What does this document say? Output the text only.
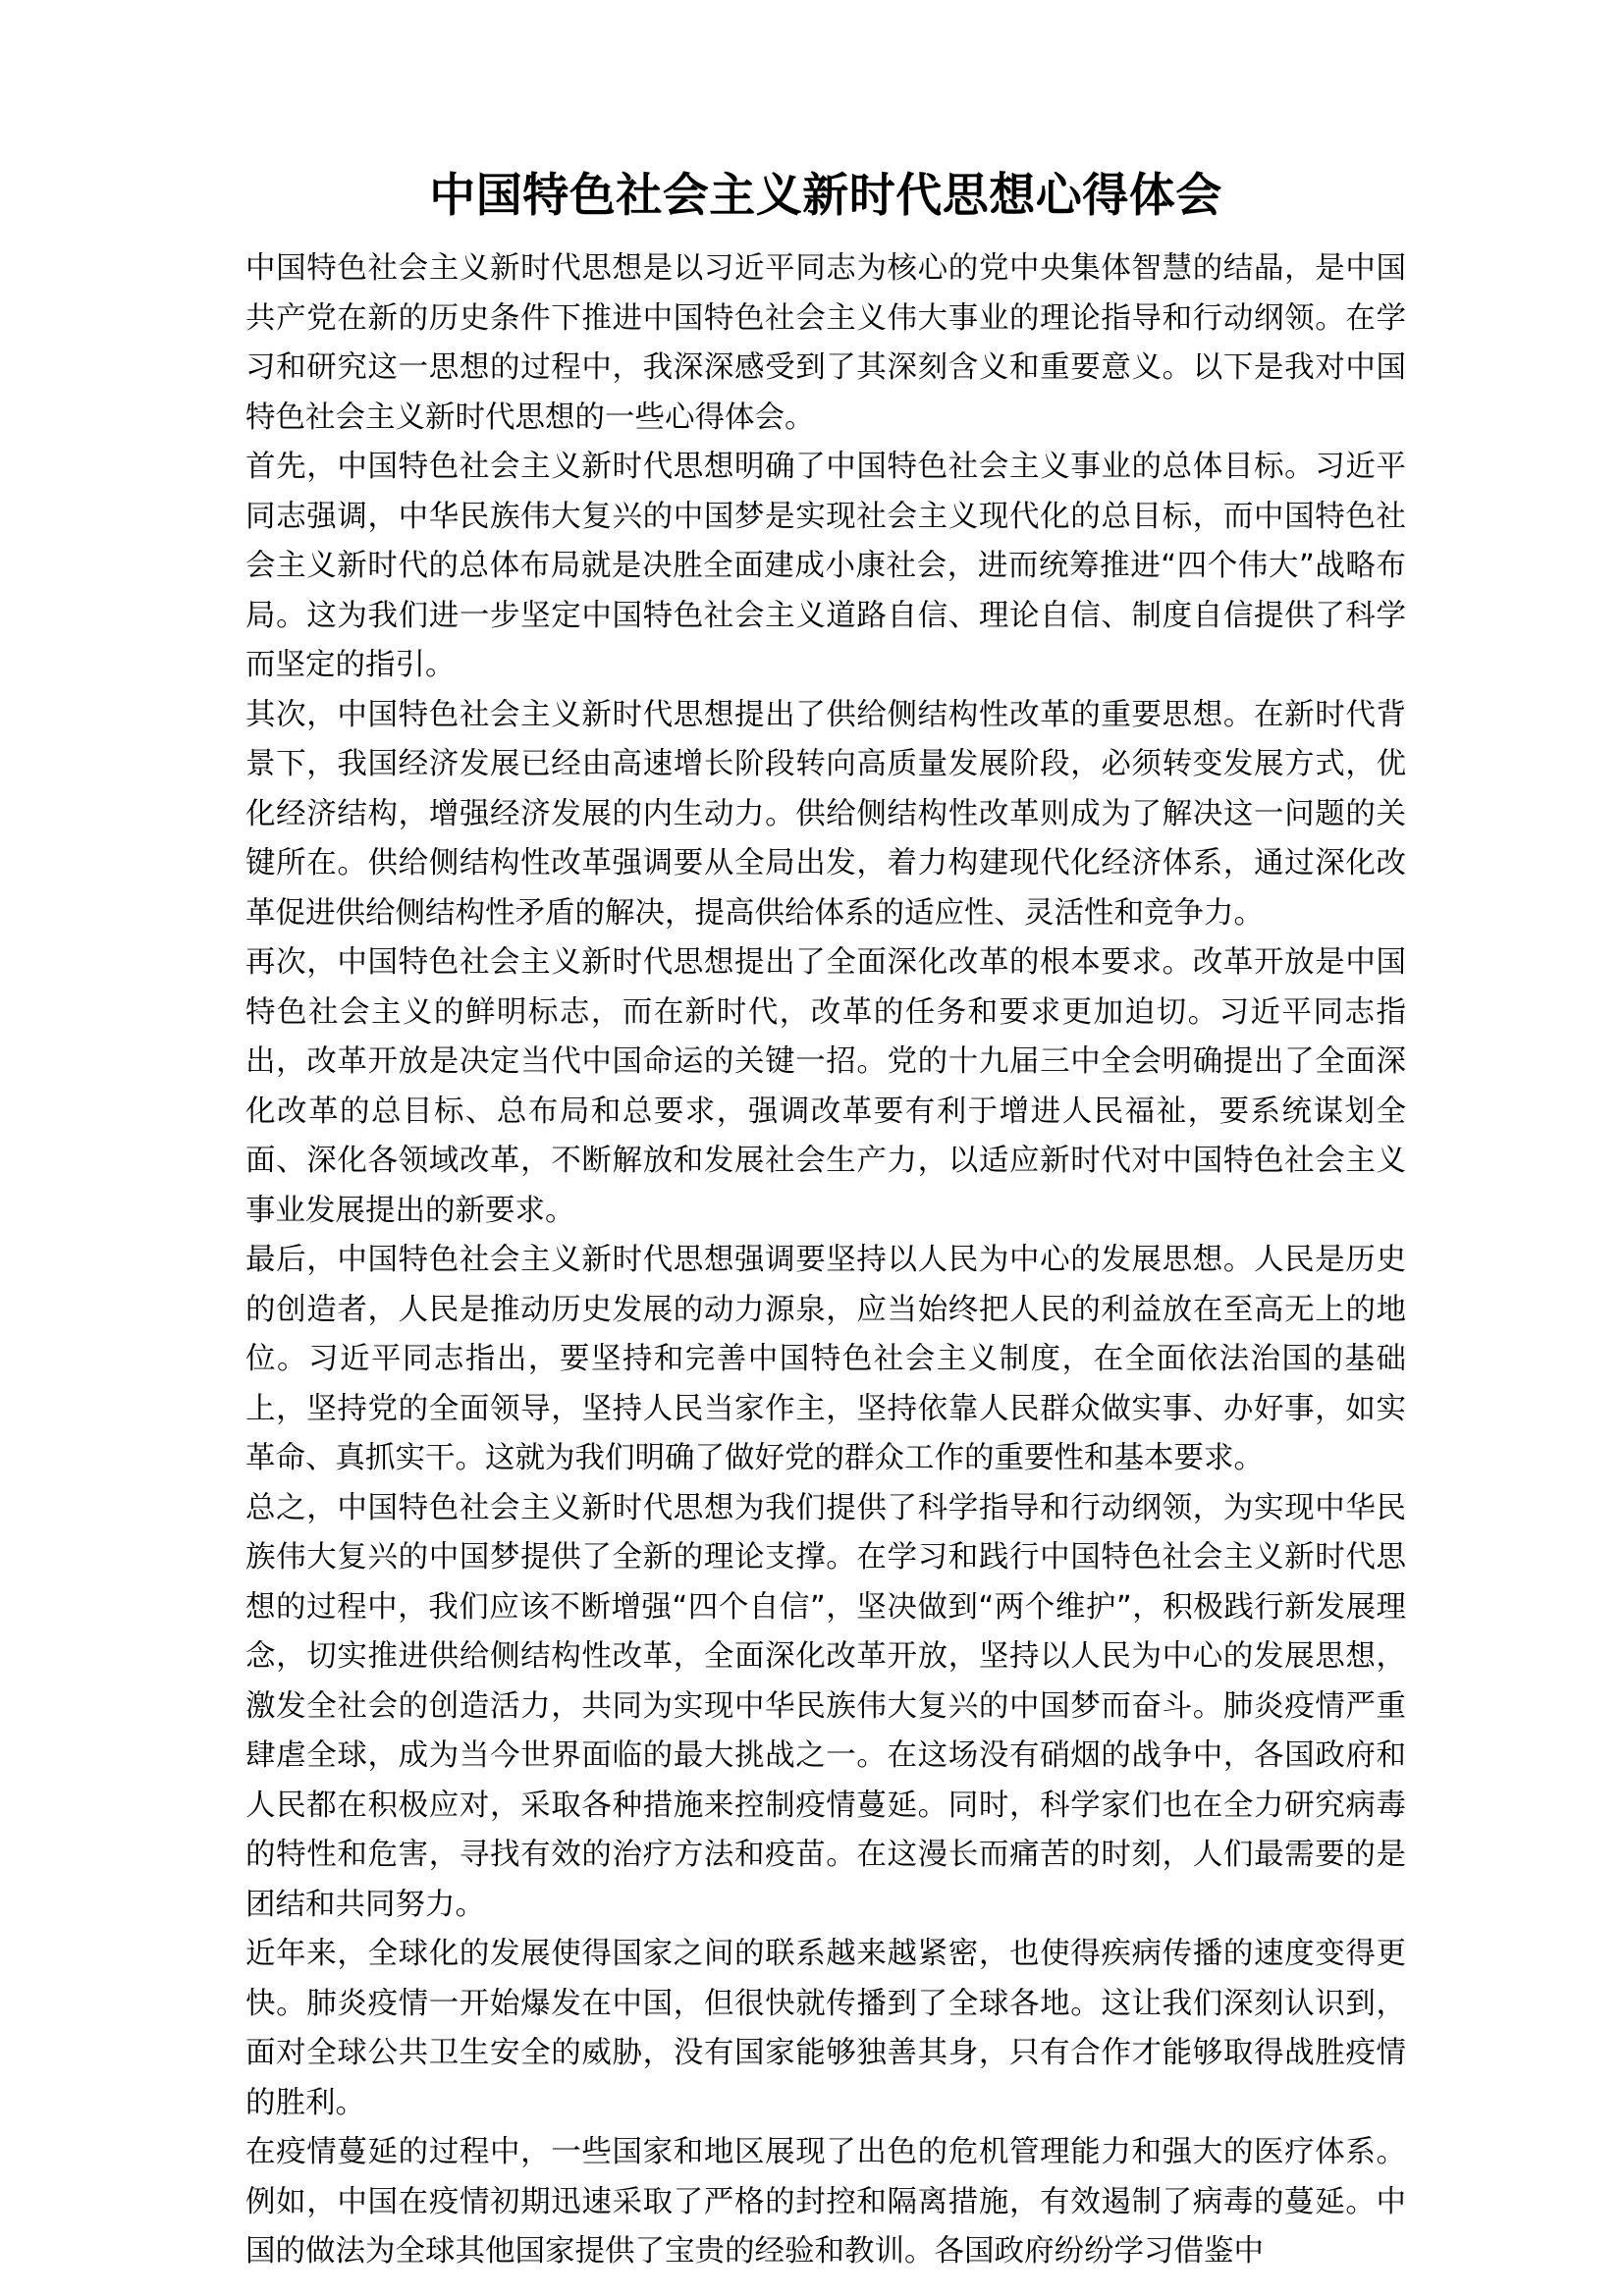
中国特色社会主义新时代思想心得体会

中国特色社会主义新时代思想是以习近平同志为核心的党中央集体智慧的结晶，是中国共产党在新的历史条件下推进中国特色社会主义伟大事业的理论指导和行动纲领。在学习和研究这一思想的过程中，我深深感受到了其深刻含义和重要意义。以下是我对中国特色社会主义新时代思想的一些心得体会。

首先，中国特色社会主义新时代思想明确了中国特色社会主义事业的总体目标。习近平同志强调，中华民族伟大复兴的中国梦是实现社会主义现代化的总目标，而中国特色社会主义新时代的总体布局就是决胜全面建成小康社会，进而统筹推进“四个伟大”战略布局。这为我们进一步坚定中国特色社会主义道路自信、理论自信、制度自信提供了科学而坚定的指引。

其次，中国特色社会主义新时代思想提出了供给侧结构性改革的重要思想。在新时代背景下，我国经济发展已经由高速增长阶段转向高质量发展阶段，必须转变发展方式，优化经济结构，增强经济发展的内生动力。供给侧结构性改革则成为了解决这一问题的关键所在。供给侧结构性改革强调要从全局出发，着力构建现代化经济体系，通过深化改革促进供给侧结构性矛盾的解决，提高供给体系的适应性、灵活性和竞争力。

再次，中国特色社会主义新时代思想提出了全面深化改革的根本要求。改革开放是中国特色社会主义的鲜明标志，而在新时代，改革的任务和要求更加迫切。习近平同志指出，改革开放是决定当代中国命运的关键一招。党的十九届三中全会明确提出了全面深化改革的总目标、总布局和总要求，强调改革要有利于增进人民福祉，要系统谋划全面、深化各领域改革，不断解放和发展社会生产力，以适应新时代对中国特色社会主义事业发展提出的新要求。

最后，中国特色社会主义新时代思想强调要坚持以人民为中心的发展思想。人民是历史的创造者，人民是推动历史发展的动力源泉，应当始终把人民的利益放在至高无上的地位。习近平同志指出，要坚持和完善中国特色社会主义制度，在全面依法治国的基础上，坚持党的全面领导，坚持人民当家作主，坚持依靠人民群众做实事、办好事，如实革命、真抓实干。这就为我们明确了做好党的群众工作的重要性和基本要求。

总之，中国特色社会主义新时代思想为我们提供了科学指导和行动纲领，为实现中华民族伟大复兴的中国梦提供了全新的理论支撑。在学习和践行中国特色社会主义新时代思想的过程中，我们应该不断增强“四个自信”，坚决做到“两个维护”，积极践行新发展理念，切实推进供给侧结构性改革，全面深化改革开放，坚持以人民为中心的发展思想，激发全社会的创造活力，共同为实现中华民族伟大复兴的中国梦而奋斗。肺炎疫情严重肆虐全球，成为当今世界面临的最大挑战之一。在这场没有硝烟的战争中，各国政府和人民都在积极应对，采取各种措施来控制疫情蔓延。同时，科学家们也在全力研究病毒的特性和危害，寻找有效的治疗方法和疫苗。在这漫长而痛苦的时刻，人们最需要的是团结和共同努力。

近年来，全球化的发展使得国家之间的联系越来越紧密，也使得疾病传播的速度变得更快。肺炎疫情一开始爆发在中国，但很快就传播到了全球各地。这让我们深刻认识到，面对全球公共卫生安全的威胁，没有国家能够独善其身，只有合作才能够取得战胜疫情的胜利。

在疫情蔓延的过程中，一些国家和地区展现了出色的危机管理能力和强大的医疗体系。例如，中国在疫情初期迅速采取了严格的封控和隔离措施，有效遏制了病毒的蔓延。中国的做法为全球其他国家提供了宝贵的经验和教训。各国政府纷纷学习借鉴中
